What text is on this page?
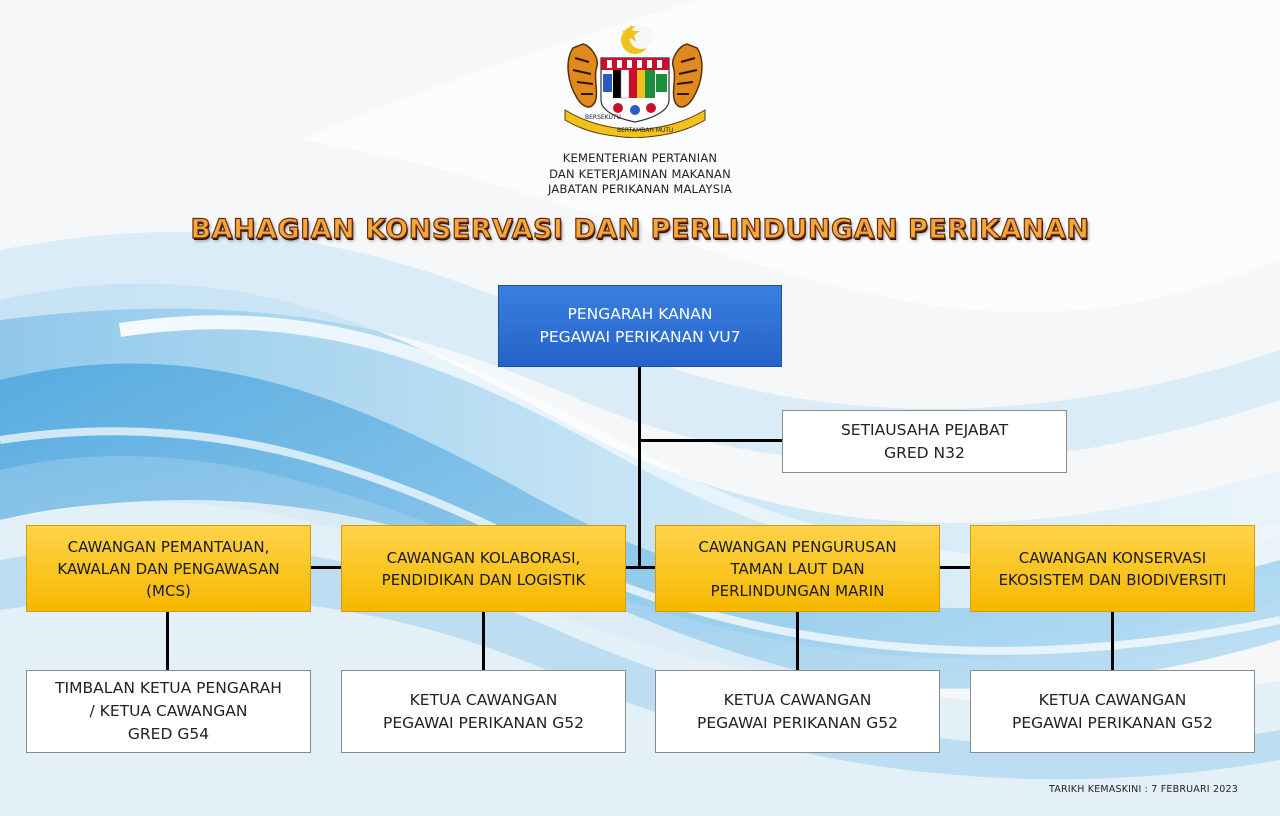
BERSEKUTU
BERTAMBAH MUTU
KEMENTERIAN PERTANIAN
DAN KETERJAMINAN MAKANAN
JABATAN PERIKANAN MALAYSIA
BAHAGIAN KONSERVASI DAN PERLINDUNGAN PERIKANAN
PENGARAH KANAN
PEGAWAI PERIKANAN VU7
SETIAUSAHA PEJABAT
GRED N32
CAWANGAN PEMANTAUAN,
KAWALAN DAN PENGAWASAN
(MCS)
CAWANGAN KOLABORASI,
PENDIDIKAN DAN LOGISTIK
CAWANGAN PENGURUSAN
TAMAN LAUT DAN
PERLINDUNGAN MARIN
CAWANGAN KONSERVASI
EKOSISTEM DAN BIODIVERSITI
TIMBALAN KETUA PENGARAH
/ KETUA CAWANGAN
GRED G54
KETUA CAWANGAN
PEGAWAI PERIKANAN G52
KETUA CAWANGAN
PEGAWAI PERIKANAN G52
KETUA CAWANGAN
PEGAWAI PERIKANAN G52
TARIKH KEMASKINI : 7 FEBRUARI 2023
